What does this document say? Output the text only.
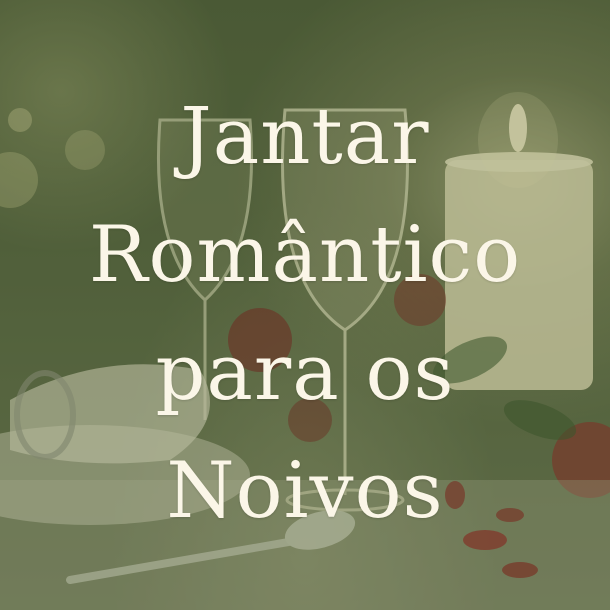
Jantar
Romântico
para os
Noivos
